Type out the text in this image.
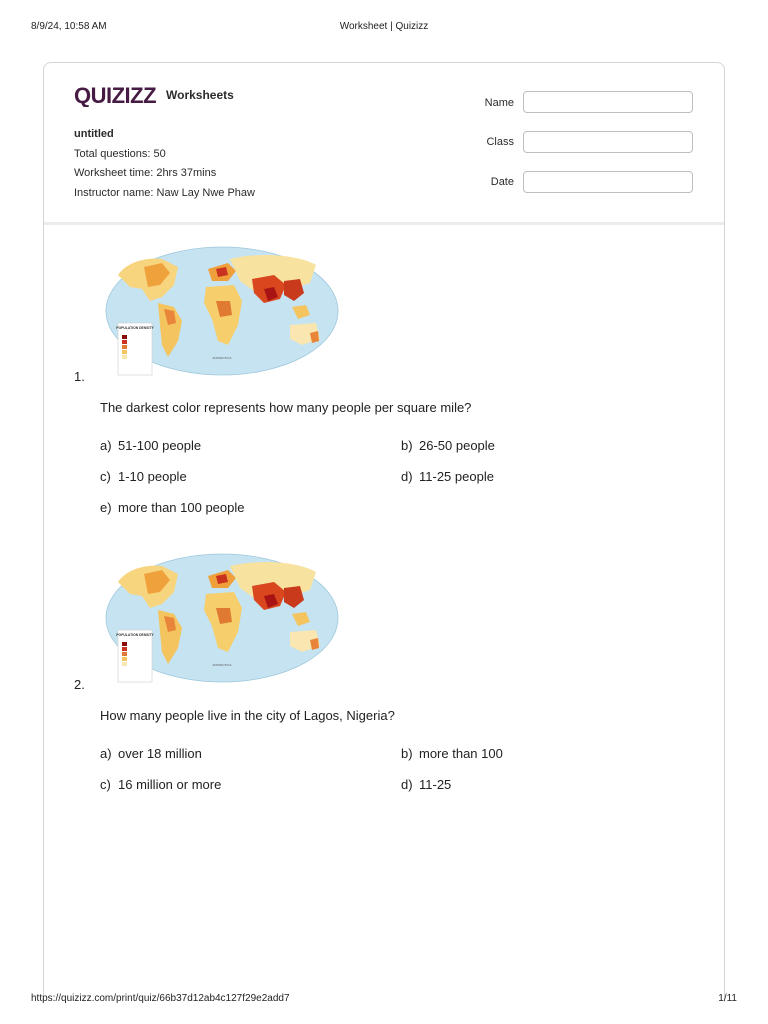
8/9/24, 10:58 AM	Worksheet | Quizizz
QUIZIZZ Worksheets
untitled
Total questions: 50
Worksheet time: 2hrs 37mins
Instructor name: Naw Lay Nwe Phaw
Name
Class
Date
POPULATION DENSITY
ANTARCTICA
1.
The darkest color represents how many people per square mile?
a) 51-100 people	b) 26-50 people
c) 1-10 people	d) 11-25 people
e) more than 100 people
POPULATION DENSITY
ANTARCTICA
2.
How many people live in the city of Lagos, Nigeria?
a) over 18 million	b) more than 100
c) 16 million or more	d) 11-25
https://quizizz.com/print/quiz/66b37d12ab4c127f29e2add7	1/11
